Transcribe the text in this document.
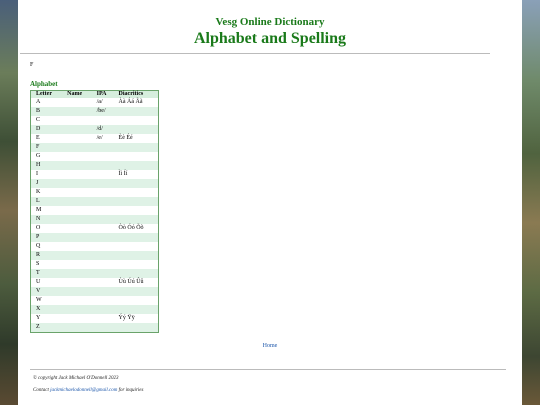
Vesg Online Dictionary
Alphabet and Spelling
F
Alphabet
Letter	Name	IPA	Diacritics
A		/a/	Àà Áá Ãã
B		/be/	
C			
D		/d/	
E		/e/	Èè Éé
F			
G			
H			
I			Ìì Íí
J			
K			
L			
M			
N			
O			Òò Óó Õõ
P			
Q			
R			
S			
T			
U			Ùù Úú Ûû
V			
W			
X			
Y			Ýý Ÿÿ
Z			
Home
© copyright Jack Michael O'Donnell 2023
Contact jackmichaelodonnell@gmail.com for inquiries
